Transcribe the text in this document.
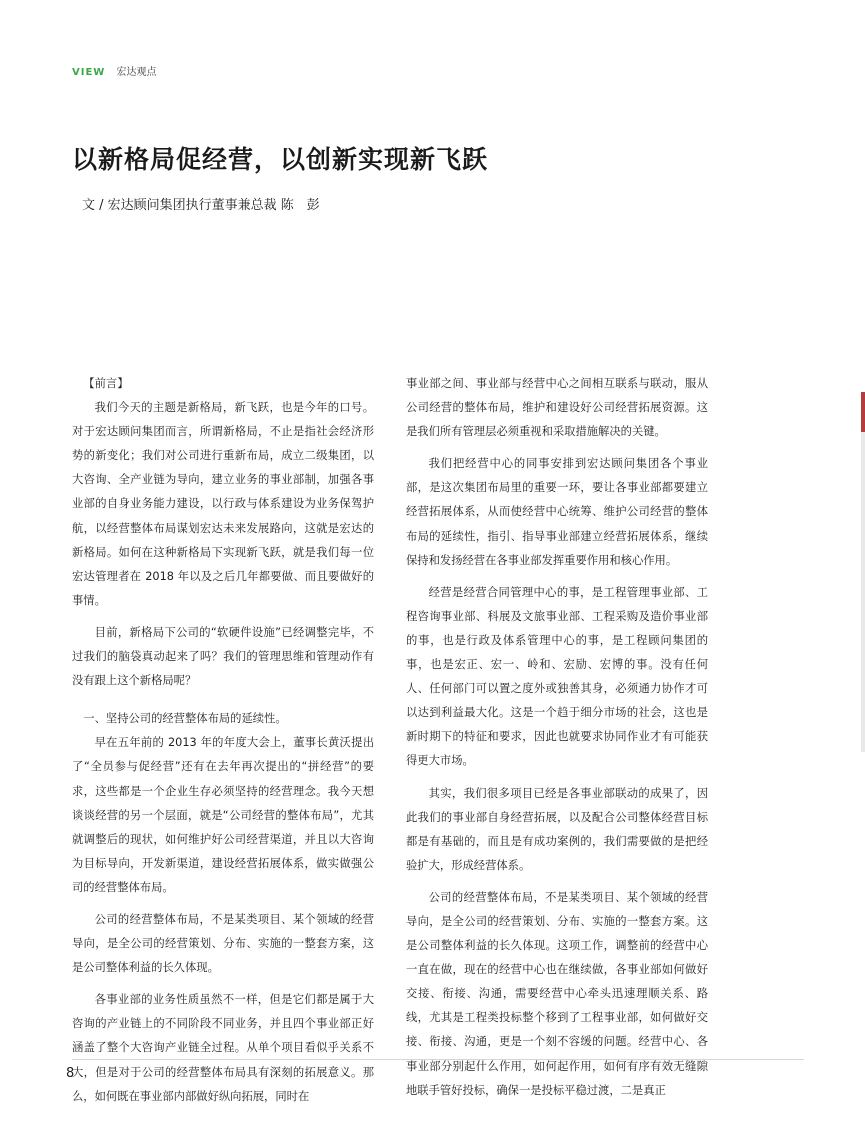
VIEW 宏达观点
以新格局促经营，以创新实现新飞跃
文 / 宏达顾问集团执行董事兼总裁 陈　彭

【前言】

我们今天的主题是新格局，新飞跃，也是今年的口号。对于宏达顾问集团而言，所谓新格局，不止是指社会经济形势的新变化；我们对公司进行重新布局，成立二级集团，以大咨询、全产业链为导向，建立业务的事业部制，加强各事业部的自身业务能力建设，以行政与体系建设为业务保驾护航，以经营整体布局谋划宏达未来发展路向，这就是宏达的新格局。如何在这种新格局下实现新飞跃，就是我们每一位宏达管理者在 2018 年以及之后几年都要做、而且要做好的事情。

目前，新格局下公司的“软硬件设施”已经调整完毕，不过我们的脑袋真动起来了吗？我们的管理思维和管理动作有没有跟上这个新格局呢？

一、坚持公司的经营整体布局的延续性。

早在五年前的 2013 年的年度大会上，董事长黄沃提出了“全员参与促经营”还有在去年再次提出的“拼经营”的要求，这些都是一个企业生存必须坚持的经营理念。我今天想谈谈经营的另一个层面，就是“公司经营的整体布局”，尤其就调整后的现状，如何维护好公司经营渠道，并且以大咨询为目标导向，开发新渠道，建设经营拓展体系，做实做强公司的经营整体布局。

公司的经营整体布局，不是某类项目、某个领域的经营导向，是全公司的经营策划、分布、实施的一整套方案，这是公司整体利益的长久体现。

各事业部的业务性质虽然不一样，但是它们都是属于大咨询的产业链上的不同阶段不同业务，并且四个事业部正好涵盖了整个大咨询产业链全过程。从单个项目看似乎关系不大，但是对于公司的经营整体布局具有深刻的拓展意义。那么，如何既在事业部内部做好纵向拓展，同时在

事业部之间、事业部与经营中心之间相互联系与联动，服从公司经营的整体布局，维护和建设好公司经营拓展资源。这是我们所有管理层必须重视和采取措施解决的关键。

我们把经营中心的同事安排到宏达顾问集团各个事业部，是这次集团布局里的重要一环，要让各事业部都要建立经营拓展体系，从而使经营中心统筹、维护公司经营的整体布局的延续性，指引、指导事业部建立经营拓展体系，继续保持和发扬经营在各事业部发挥重要作用和核心作用。

经营是经营合同管理中心的事，是工程管理事业部、工程咨询事业部、科展及文旅事业部、工程采购及造价事业部的事，也是行政及体系管理中心的事，是工程顾问集团的事，也是宏正、宏一、岭和、宏励、宏博的事。没有任何人、任何部门可以置之度外或独善其身，必须通力协作才可以达到利益最大化。这是一个趋于细分市场的社会，这也是新时期下的特征和要求，因此也就要求协同作业才有可能获得更大市场。

其实，我们很多项目已经是各事业部联动的成果了，因此我们的事业部自身经营拓展，以及配合公司整体经营目标都是有基础的，而且是有成功案例的，我们需要做的是把经验扩大，形成经营体系。

公司的经营整体布局，不是某类项目、某个领域的经营导向，是全公司的经营策划、分布、实施的一整套方案。这是公司整体利益的长久体现。这项工作，调整前的经营中心一直在做，现在的经营中心也在继续做，各事业部如何做好交接、衔接、沟通，需要经营中心牵头迅速理顺关系、路线，尤其是工程类投标整个移到了工程事业部，如何做好交接、衔接、沟通，更是一个刻不容缓的问题。经营中心、各事业部分别起什么作用，如何起作用，如何有序有效无缝隙地联手管好投标，确保一是投标平稳过渡，二是真正

8
